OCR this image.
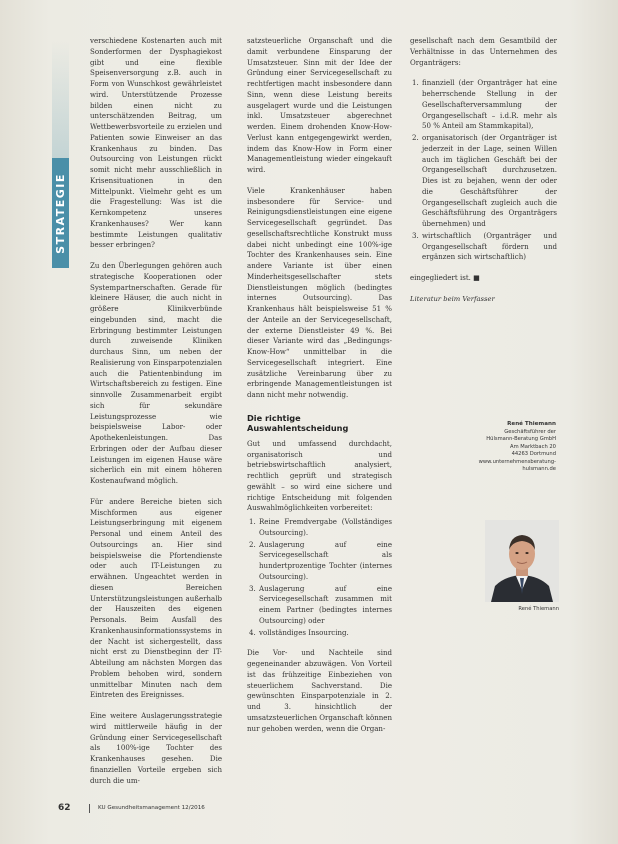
STRATEGIE

verschiedene Kostenarten auch mit Sonderformen der Dysphagiekost gibt und eine flexible Speisenversorgung z.B. auch in Form von Wunschkost gewährleistet wird. Unterstützende Prozesse bilden einen nicht zu unterschätzenden Beitrag, um Wettbewerbsvorteile zu erzielen und Patienten sowie Einweiser an das Krankenhaus zu binden. Das Outsourcing von Leistungen rückt somit nicht mehr ausschließlich in Krisensituationen in den Mittelpunkt. Vielmehr geht es um die Fragestellung: Was ist die Kernkompetenz unseres Krankenhauses? Wer kann bestimmte Leistungen qualitativ besser erbringen?

Zu den Überlegungen gehören auch strategische Kooperationen oder Systempartnerschaften. Gerade für kleinere Häuser, die auch nicht in größere Klinikverbünde eingebunden sind, macht die Erbringung bestimmter Leistungen durch zuweisende Kliniken durchaus Sinn, um neben der Realisierung von Einsparpotenzialen auch die Patientenbindung im Wirtschaftsbereich zu festigen. Eine sinnvolle Zusammenarbeit ergibt sich für sekundäre Leistungsprozesse wie beispielsweise Labor- oder Apothekenleistungen. Das Erbringen oder der Aufbau dieser Leistungen im eigenen Hause wäre sicherlich ein mit einem höheren Kostenaufwand möglich.

Für andere Bereiche bieten sich Mischformen aus eigener Leistungserbringung mit eigenem Personal und einem Anteil des Outsourcings an. Hier sind beispielsweise die Pfortendienste oder auch IT-Leistungen zu erwähnen. Ungeachtet werden in diesen Bereichen Unterstützungsleistungen außerhalb der Hauszeiten des eigenen Personals. Beim Ausfall des Krankenhausinformationssystems in der Nacht ist sichergestellt, dass nicht erst zu Dienstbeginn der IT-Abteilung am nächsten Morgen das Problem behoben wird, sondern unmittelbar Minuten nach dem Eintreten des Ereignisses.

Eine weitere Auslagerungsstrategie wird mittlerweile häufig in der Gründung einer Servicegesellschaft als 100%-ige Tochter des Krankenhauses gesehen. Die finanziellen Vorteile ergeben sich durch die um-

satzsteuerliche Organschaft und die damit verbundene Einsparung der Umsatzsteuer. Sinn mit der Idee der Gründung einer Servicegesellschaft zu rechtfertigen macht insbesondere dann Sinn, wenn diese Leistung bereits ausgelagert wurde und die Leistungen inkl. Umsatzsteuer abgerechnet werden. Einem drohenden Know-How-Verlust kann entgegengewirkt werden, indem das Know-How in Form einer Managementleistung wieder eingekauft wird.

Viele Krankenhäuser haben insbesondere für Service- und Reinigungsdienstleistungen eine eigene Servicegesellschaft gegründet. Das gesellschaftsrechtliche Konstrukt muss dabei nicht unbedingt eine 100%-ige Tochter des Krankenhauses sein. Eine andere Variante ist über einen Minderheitsgesellschafter stets Dienstleistungen möglich (bedingtes internes Outsourcing). Das Krankenhaus hält beispielsweise 51 % der Anteile an der Servicegesellschaft, der externe Dienstleister 49 %. Bei dieser Variante wird das „Bedingungs-Know-How“ unmittelbar in die Servicegesellschaft integriert. Eine zusätzliche Vereinbarung über zu erbringende Managementleistungen ist dann nicht mehr notwendig.

Die richtige Auswahlentscheidung

Gut und umfassend durchdacht, organisatorisch und betriebswirtschaftlich analysiert, rechtlich geprüft und strategisch gewählt – so wird eine sichere und richtige Entscheidung mit folgenden Auswahlmöglichkeiten vorbereitet:

1. Reine Fremdvergabe (Vollständiges Outsourcing).
2. Auslagerung auf eine Servicegesellschaft als hundertprozentige Tochter (internes Outsourcing).
3. Auslagerung auf eine Servicegesellschaft zusammen mit einem Partner (bedingtes internes Outsourcing) oder
4. vollständiges Insourcing.

Die Vor- und Nachteile sind gegeneinander abzuwägen. Von Vorteil ist das frühzeitige Einbeziehen von steuerlichem Sachverstand. Die gewünschten Einsparpotenziale in 2. und 3. hinsichtlich der umsatzsteuerlichen Organschaft können nur gehoben werden, wenn die Organ-

gesellschaft nach dem Gesamtbild der Verhältnisse in das Unternehmen des Organträgers:

1. finanziell (der Organträger hat eine beherrschende Stellung in der Gesellschafterversammlung der Organgesellschaft – i.d.R. mehr als 50 % Anteil am Stammkapital),
2. organisatorisch (der Organträger ist jederzeit in der Lage, seinen Willen auch im täglichen Geschäft bei der Organgesellschaft durchzusetzen. Dies ist zu bejahen, wenn der oder die Geschäftsführer der Organgesellschaft zugleich auch die Geschäftsführung des Organträgers übernehmen) und
3. wirtschaftlich (Organträger und Organgesellschaft fördern und ergänzen sich wirtschaftlich)

eingegliedert ist. ■

Literatur beim Verfasser

René Thiemann
Geschäftsführer der
Hülsmann-Beratung GmbH
Am Marktbach 20
44263 Dortmund
www.unternehmensberatung-hulsmann.de
René Thiemann
62	KU Gesundheitsmanagement 12/2016
